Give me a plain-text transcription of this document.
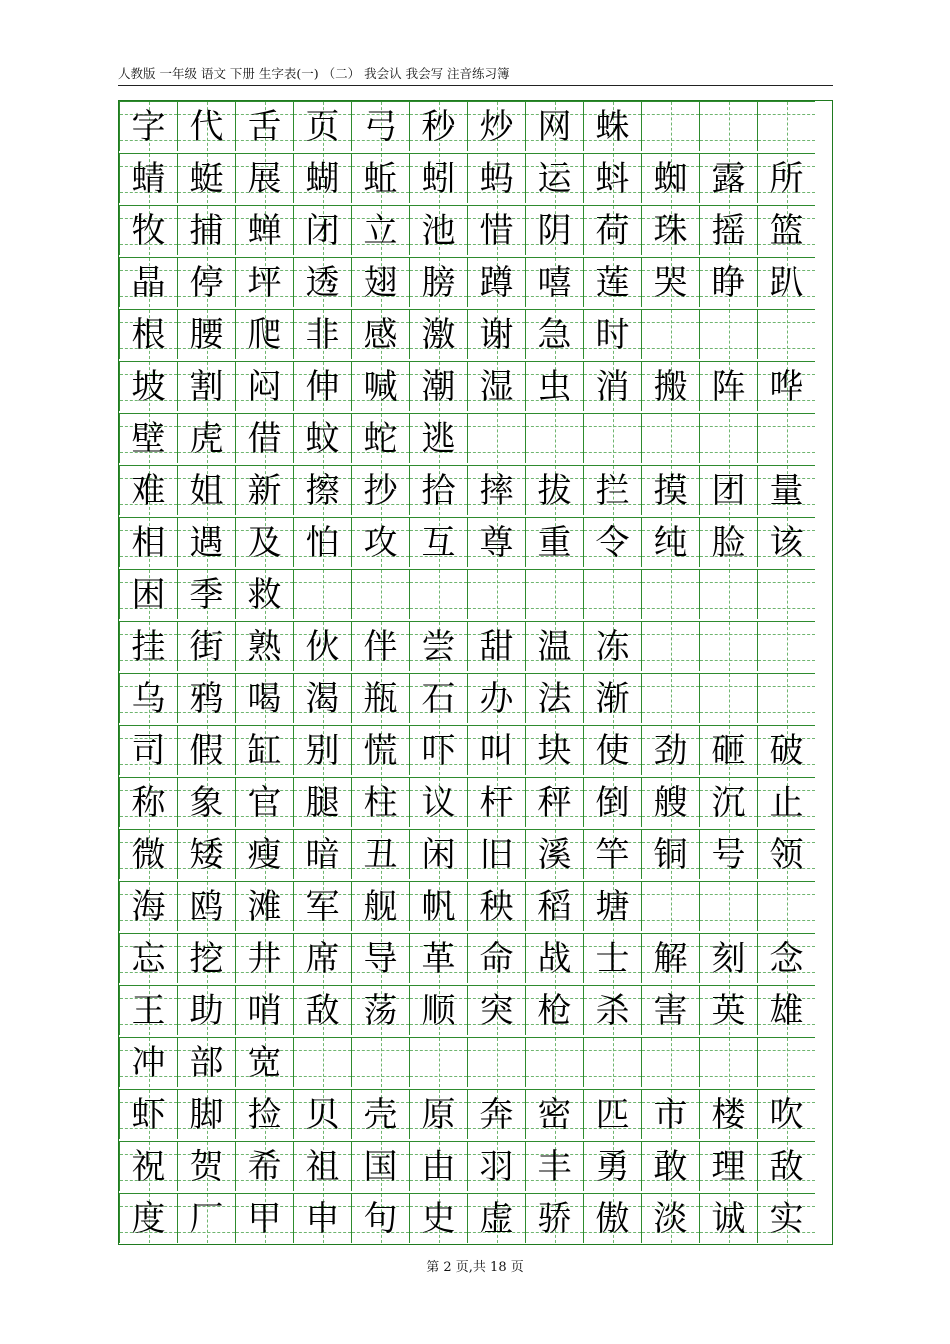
人教版 一年级 语文 下册 生字表(一) （二） 我会认 我会写 注音练习簿
字 代 舌 页 弓 秒 炒 网 蛛
蜻 蜓 展 蝴 蚯 蚓 蚂 运 蚪 蜘 露 所
牧 捕 蝉 闭 立 池 惜 阴 荷 珠 摇 篮
晶 停 坪 透 翅 膀 蹲 嘻 莲 哭 睁 趴
根 腰 爬 非 感 激 谢 急 时
坡 割 闷 伸 喊 潮 湿 虫 消 搬 阵 哗
壁 虎 借 蚊 蛇 逃
难 姐 新 擦 抄 拾 摔 拔 拦 摸 团 量
相 遇 及 怕 攻 互 尊 重 令 纯 脸 该
困 季 救
挂 街 熟 伙 伴 尝 甜 温 冻
乌 鸦 喝 渴 瓶 石 办 法 渐
司 假 缸 别 慌 吓 叫 块 使 劲 砸 破
称 象 官 腿 柱 议 杆 秤 倒 艘 沉 止
微 矮 瘦 暗 丑 闲 旧 溪 竿 铜 号 领
海 鸥 滩 军 舰 帆 秧 稻 塘
忘 挖 井 席 导 革 命 战 士 解 刻 念
王 助 哨 敌 荡 顺 突 枪 杀 害 英 雄
冲 部 宽
虾 脚 捡 贝 壳 原 奔 密 匹 市 楼 吹
祝 贺 希 祖 国 由 羽 丰 勇 敢 理 敌
度 厂 甲 申 句 史 虚 骄 傲 淡 诚 实
第 2 页,共 18 页
